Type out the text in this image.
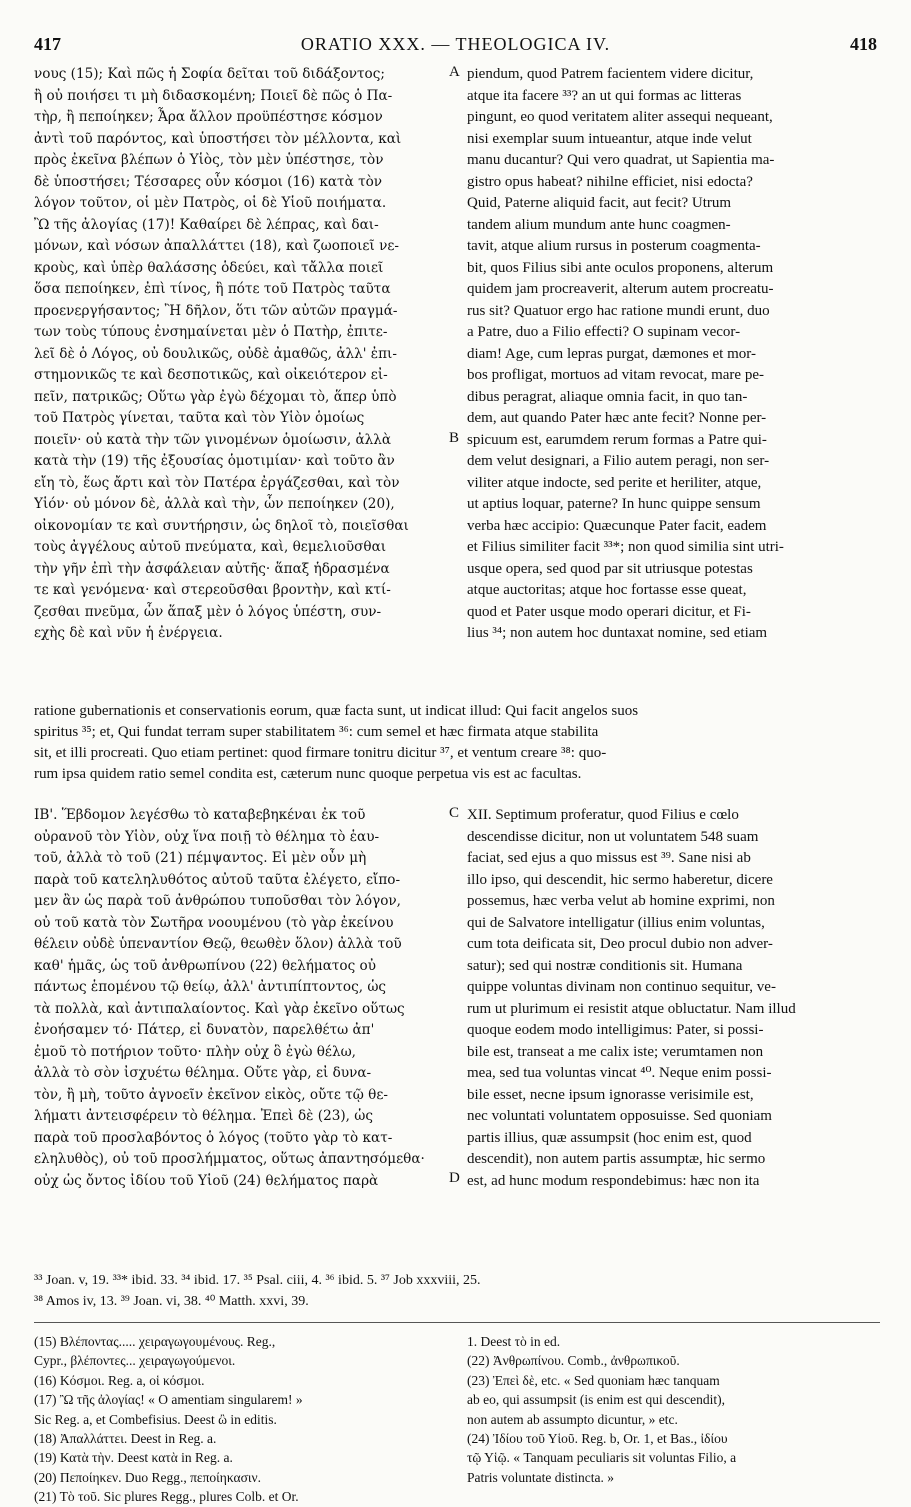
417	ORATIO XXX. — THEOLOGICA IV.	418
νους (15); Καὶ πῶς ἡ Σοφία δεῖται τοῦ διδάξοντος;
ἢ οὐ ποιήσει τι μὴ διδασκομένη; Ποιεῖ δὲ πῶς ὁ Πα-
τὴρ, ἢ πεποίηκεν; Ἆρα ἄλλον προϋπέστησε κόσμον
ἀντὶ τοῦ παρόντος, καὶ ὑποστήσει τὸν μέλλοντα, καὶ
πρὸς ἐκεῖνα βλέπων ὁ Υἱὸς, τὸν μὲν ὑπέστησε, τὸν
δὲ ὑποστήσει; Τέσσαρες οὖν κόσμοι (16) κατὰ τὸν
λόγον τοῦτον, οἱ μὲν Πατρὸς, οἱ δὲ Υἱοῦ ποιήματα.
Ὢ τῆς ἀλογίας (17)! Καθαίρει δὲ λέπρας, καὶ δαι-
μόνων, καὶ νόσων ἀπαλλάττει (18), καὶ ζωοποιεῖ νε-
κροὺς, καὶ ὑπὲρ θαλάσσης ὁδεύει, καὶ τἄλλα ποιεῖ
ὅσα πεποίηκεν, ἐπὶ τίνος, ἢ πότε τοῦ Πατρὸς ταῦτα
προενεργήσαντος; Ἢ δῆλον, ὅτι τῶν αὐτῶν πραγμά-
των τοὺς τύπους ἐνσημαίνεται μὲν ὁ Πατὴρ, ἐπιτε-
λεῖ δὲ ὁ Λόγος, οὐ δουλικῶς, οὐδὲ ἀμαθῶς, ἀλλ' ἐπι-
στημονικῶς τε καὶ δεσποτικῶς, καὶ οἰκειότερον εἰ-
πεῖν, πατρικῶς; Οὕτω γὰρ ἐγὼ δέχομαι τὸ, ἅπερ ὑπὸ
τοῦ Πατρὸς γίνεται, ταῦτα καὶ τὸν Υἱὸν ὁμοίως
ποιεῖν· οὐ κατὰ τὴν τῶν γινομένων ὁμοίωσιν, ἀλλὰ
κατὰ τὴν (19) τῆς ἐξουσίας ὁμοτιμίαν· καὶ τοῦτο ἂν
εἴη τὸ, ἕως ἄρτι καὶ τὸν Πατέρα ἐργάζεσθαι, καὶ τὸν
Υἱόν· οὐ μόνον δὲ, ἀλλὰ καὶ τὴν, ὧν πεποίηκεν (20),
οἰκονομίαν τε καὶ συντήρησιν, ὡς δηλοῖ τὸ, ποιεῖσθαι
τοὺς ἀγγέλους αὐτοῦ πνεύματα, καὶ, θεμελιοῦσθαι
τὴν γῆν ἐπὶ τὴν ἀσφάλειαν αὐτῆς· ἅπαξ ἡδρασμένα
τε καὶ γενόμενα· καὶ στερεοῦσθαι βροντὴν, καὶ κτί-
ζεσθαι πνεῦμα, ὧν ἅπαξ μὲν ὁ λόγος ὑπέστη, συν-
εχὴς δὲ καὶ νῦν ἡ ἐνέργεια.
piendum, quod Patrem facientem videre dicitur,
atque ita facere ³³? an ut qui formas ac litteras
pingunt, eo quod veritatem aliter assequi nequeant,
nisi exemplar suum intueantur, atque inde velut
manu ducantur? Qui vero quadrat, ut Sapientia ma-
gistro opus habeat? nihilne efficiet, nisi edocta?
Quid, Paterne aliquid facit, aut fecit? Utrum
tandem alium mundum ante hunc coagmen-
tavit, atque alium rursus in posterum coagmenta-
bit, quos Filius sibi ante oculos proponens, alterum
quidem jam procreaverit, alterum autem procreatu-
rus sit? Quatuor ergo hac ratione mundi erunt, duo
a Patre, duo a Filio effecti? O supinam vecor-
diam! Age, cum lepras purgat, dæmones et mor-
bos profligat, mortuos ad vitam revocat, mare pe-
dibus peragrat, aliaque omnia facit, in quo tan-
dem, aut quando Pater hæc ante fecit? Nonne per-
spicuum est, earumdem rerum formas a Patre qui-
dem velut designari, a Filio autem peragi, non ser-
viliter atque indocte, sed perite et heriliter, atque,
ut aptius loquar, paterne? In hunc quippe sensum
verba hæc accipio: Quæcunque Pater facit, eadem
et Filius similiter facit ³³*; non quod similia sint utri-
usque opera, sed quod par sit utriusque potestas
atque auctoritas; atque hoc fortasse esse queat,
quod et Pater usque modo operari dicitur, et Fi-
lius ³⁴; non autem hoc duntaxat nomine, sed etiam
A
B
C
D
ratione gubernationis et conservationis eorum, quæ facta sunt, ut indicat illud: Qui facit angelos suos
spiritus ³⁵; et, Qui fundat terram super stabilitatem ³⁶: cum semel et hæc firmata atque stabilita
sit, et illi procreati. Quo etiam pertinet: quod firmare tonitru dicitur ³⁷, et ventum creare ³⁸: quo-
rum ipsa quidem ratio semel condita est, cæterum nunc quoque perpetua vis est ac facultas.
ΙΒ'. Ἕβδομον λεγέσθω τὸ καταβεβηκέναι ἐκ τοῦ
οὐρανοῦ τὸν Υἱὸν, οὐχ ἵνα ποιῇ τὸ θέλημα τὸ ἑαυ-
τοῦ, ἀλλὰ τὸ τοῦ (21) πέμψαντος. Εἰ μὲν οὖν μὴ
παρὰ τοῦ κατεληλυθότος αὐτοῦ ταῦτα ἐλέγετο, εἴπο-
μεν ἂν ὡς παρὰ τοῦ ἀνθρώπου τυποῦσθαι τὸν λόγον,
οὐ τοῦ κατὰ τὸν Σωτῆρα νοουμένου (τὸ γὰρ ἐκείνου
θέλειν οὐδὲ ὑπεναντίον Θεῷ, θεωθὲν ὅλον) ἀλλὰ τοῦ
καθ' ἡμᾶς, ὡς τοῦ ἀνθρωπίνου (22) θελήματος οὐ
πάντως ἑπομένου τῷ θείῳ, ἀλλ' ἀντιπίπτοντος, ὡς
τὰ πολλὰ, καὶ ἀντιπαλαίοντος. Καὶ γὰρ ἐκεῖνο οὕτως
ἐνοήσαμεν τό· Πάτερ, εἰ δυνατὸν, παρελθέτω ἀπ'
ἐμοῦ τὸ ποτήριον τοῦτο· πλὴν οὐχ ὃ ἐγὼ θέλω,
ἀλλὰ τὸ σὸν ἰσχυέτω θέλημα. Οὔτε γὰρ, εἰ δυνα-
τὸν, ἢ μὴ, τοῦτο ἀγνοεῖν ἐκεῖνον εἰκὸς, οὔτε τῷ θε-
λήματι ἀντεισφέρειν τὸ θέλημα. Ἐπεὶ δὲ (23), ὡς
παρὰ τοῦ προσλαβόντος ὁ λόγος (τοῦτο γὰρ τὸ κατ-
εληλυθὸς), οὐ τοῦ προσλήμματος, οὕτως ἀπαντησόμεθα·
οὐχ ὡς ὄντος ἰδίου τοῦ Υἱοῦ (24) θελήματος παρὰ
XII. Septimum proferatur, quod Filius e cœlo
descendisse dicitur, non ut voluntatem 548 suam
faciat, sed ejus a quo missus est ³⁹. Sane nisi ab
illo ipso, qui descendit, hic sermo haberetur, dicere
possemus, hæc verba velut ab homine exprimi, non
qui de Salvatore intelligatur (illius enim voluntas,
cum tota deificata sit, Deo procul dubio non adver-
satur); sed qui nostræ conditionis sit. Humana
quippe voluntas divinam non continuo sequitur, ve-
rum ut plurimum ei resistit atque obluctatur. Nam illud
quoque eodem modo intelligimus: Pater, si possi-
bile est, transeat a me calix iste; verumtamen non
mea, sed tua voluntas vincat ⁴⁰. Neque enim possi-
bile esset, necne ipsum ignorasse verisimile est,
nec voluntati voluntatem opposuisse. Sed quoniam
partis illius, quæ assumpsit (hoc enim est, quod
descendit), non autem partis assumptæ, hic sermo
est, ad hunc modum respondebimus: hæc non ita
³³ Joan. v, 19. ³³* ibid. 33. ³⁴ ibid. 17. ³⁵ Psal. ciii, 4. ³⁶ ibid. 5. ³⁷ Job xxxviii, 25.
³⁸ Amos iv, 13. ³⁹ Joan. vi, 38. ⁴⁰ Matth. xxvi, 39.
(15) Βλέποντας..... χειραγωγουμένους. Reg.,
Cypr., βλέποντες... χειραγωγούμενοι.
(16) Κόσμοι. Reg. a, οἱ κόσμοι.
(17) Ὢ τῆς ἀλογίας! « O amentiam singularem! »
Sic Reg. a, et Combefisius. Deest ὢ in editis.
(18) Ἀπαλλάττει. Deest in Reg. a.
(19) Κατὰ τὴν. Deest κατὰ in Reg. a.
(20) Πεποίηκεν. Duo Regg., πεποίηκασιν.
(21) Τὸ τοῦ. Sic plures Regg., plures Colb. et Or.
1. Deest τὸ in ed.
(22) Ἀνθρωπίνου. Comb., ἀνθρωπικοῦ.
(23) Ἐπεὶ δὲ, etc. « Sed quoniam hæc tanquam
ab eo, qui assumpsit (is enim est qui descendit),
non autem ab assumpto dicuntur, » etc.
(24) Ἰδίου τοῦ Υἱοῦ. Reg. b, Or. 1, et Bas., ἰδίου
τῷ Υἱῷ. « Tanquam peculiaris sit voluntas Filio, a
Patris voluntate distincta. »
